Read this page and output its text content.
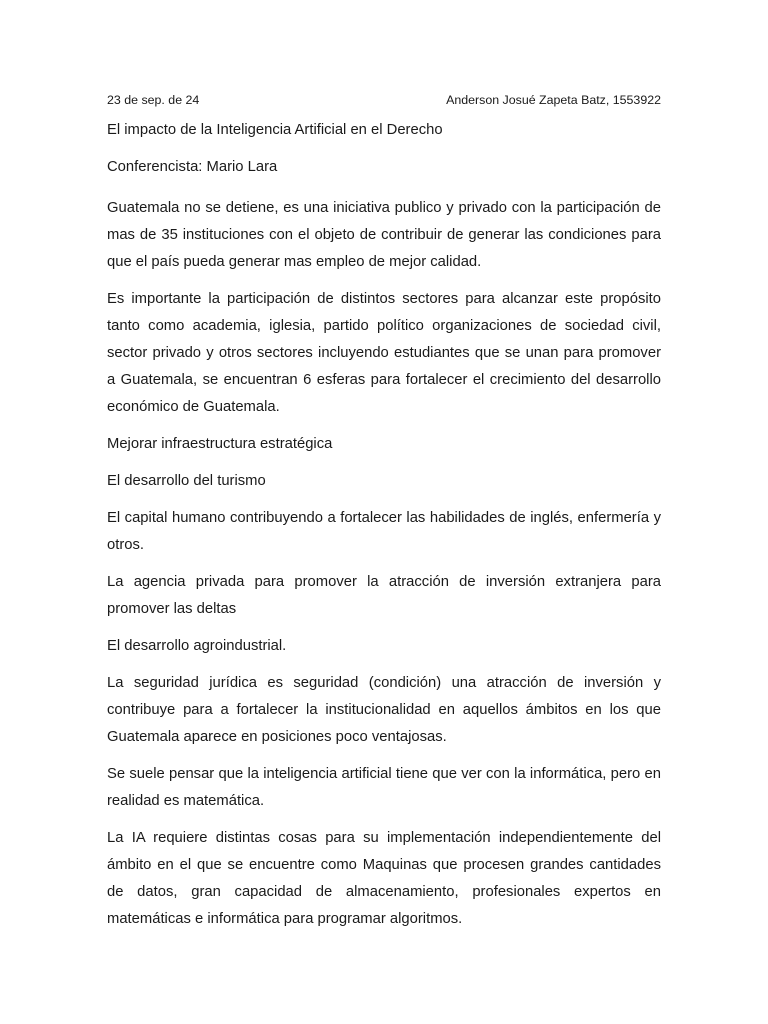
23 de sep. de 24	Anderson Josué Zapeta Batz, 1553922

El impacto de la Inteligencia Artificial en el Derecho

Conferencista: Mario Lara

Guatemala no se detiene, es una iniciativa publico y privado con la participación de mas de 35 instituciones con el objeto de contribuir de generar las condiciones para que el país pueda generar mas empleo de mejor calidad.

Es importante la participación de distintos sectores para alcanzar este propósito tanto como academia, iglesia, partido político organizaciones de sociedad civil, sector privado y otros sectores incluyendo estudiantes que se unan para promover a Guatemala, se encuentran 6 esferas para fortalecer el crecimiento del desarrollo económico de Guatemala.

Mejorar infraestructura estratégica

El desarrollo del turismo

El capital humano contribuyendo a fortalecer las habilidades de inglés, enfermería y otros.

La agencia privada para promover la atracción de inversión extranjera para promover las deltas

El desarrollo agroindustrial.

La seguridad jurídica es seguridad (condición) una atracción de inversión y contribuye para a fortalecer la institucionalidad en aquellos ámbitos en los que Guatemala aparece en posiciones poco ventajosas.

Se suele pensar que la inteligencia artificial tiene que ver con la informática, pero en realidad es matemática.

La IA requiere distintas cosas para su implementación independientemente del ámbito en el que se encuentre como Maquinas que procesen grandes cantidades de datos, gran capacidad de almacenamiento, profesionales expertos en matemáticas e informática para programar algoritmos.
